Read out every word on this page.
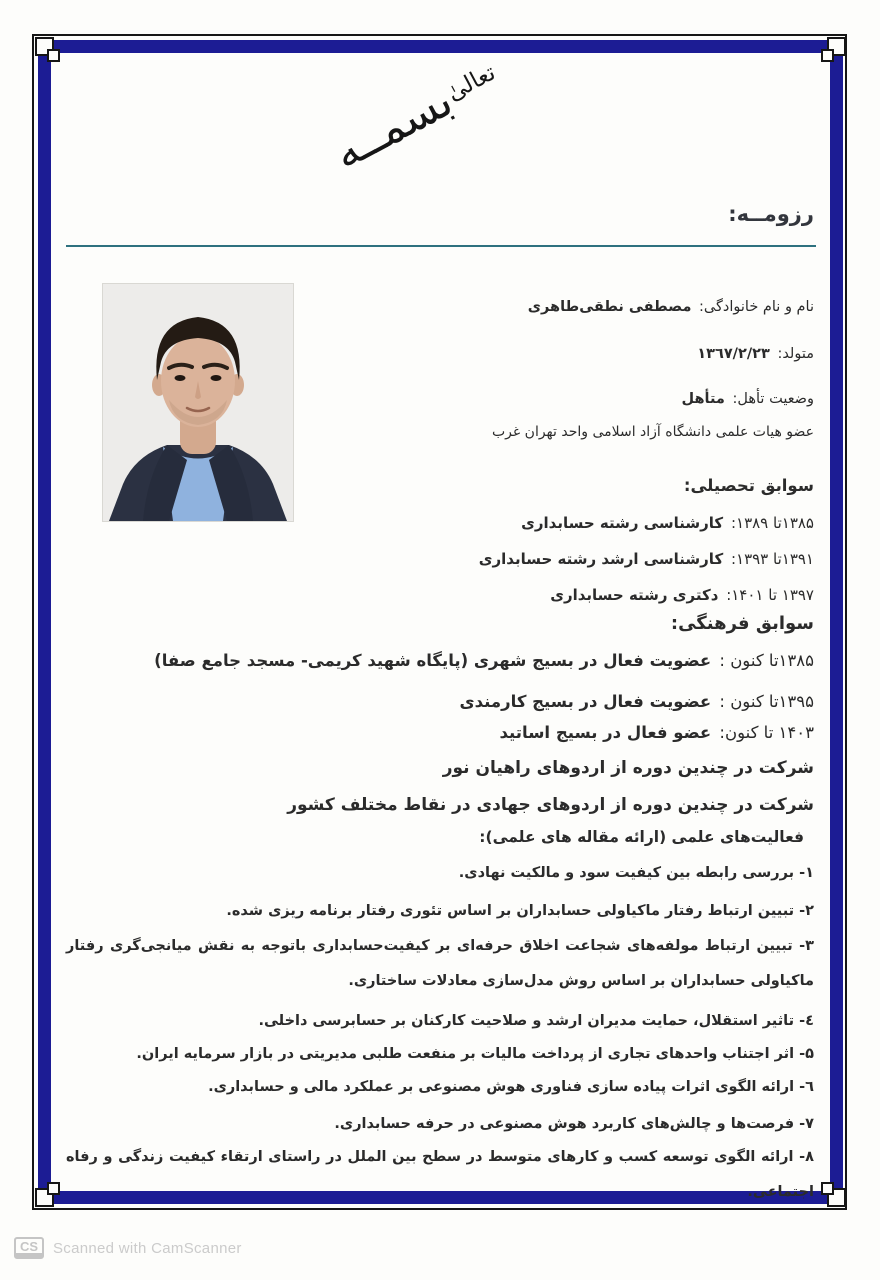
تعالیٰ
بسمــه
رزومــه:

نام و نام خانوادگی: مصطفی نطقی‌طاهری

متولد: ۱۳٦۷/۲/۲۳

وضعیت تأهل: متأهل

عضو هیات علمی دانشگاه آزاد اسلامی واحد تهران غرب

سوابق تحصیلی:

۱۳۸۵تا ۱۳۸۹: کارشناسی رشته حسابداری

۱۳۹۱تا ۱۳۹۳: کارشناسی ارشد رشته حسابداری

۱۳۹۷ تا ۱۴۰۱: دکتری رشته حسابداری

سوابق فرهنگی:

۱۳۸۵تا کنون : عضویت فعال در بسیج شهری (پایگاه شهید کریمی- مسجد جامع صفا)

۱۳۹۵تا کنون : عضویت فعال در بسیج کارمندی

۱۴۰۳ تا کنون: عضو فعال در بسیج اساتید

شرکت در چندین دوره از اردوهای راهیان نور

شرکت در چندین دوره از اردوهای جهادی در نقاط مختلف کشور

فعالیت‌های علمی (ارائه مقاله های علمی):

۱- بررسی رابطه بین کیفیت سود و مالکیت نهادی.

۲- تبیین ارتباط رفتار ماکیاولی حسابداران بر اساس تئوری رفتار برنامه ریزی شده.

۳- تبیین ارتباط مولفه‌های شجاعت اخلاق حرفه‌ای بر کیفیت‌حسابداری باتوجه به نقش میانجی‌گری رفتار ماکیاولی حسابداران بر اساس روش مدل‌سازی معادلات ساختاری.

٤- تاثیر استقلال، حمایت مدیران ارشد و صلاحیت کارکنان بر حسابرسی داخلی.

۵- اثر اجتناب واحدهای تجاری از پرداخت مالیات بر منفعت طلبی مدیریتی در بازار سرمایه ایران.

٦- ارائه الگوی اثرات پیاده سازی فناوری هوش مصنوعی بر عملکرد مالی و حسابداری.

۷- فرصت‌ها و چالش‌های کاربرد هوش مصنوعی در حرفه حسابداری.

۸- ارائه الگوی توسعه کسب و کارهای متوسط در سطح بین الملل در راستای ارتقاء کیفیت زندگی و رفاه اجتماعی.

CS Scanned with CamScanner
